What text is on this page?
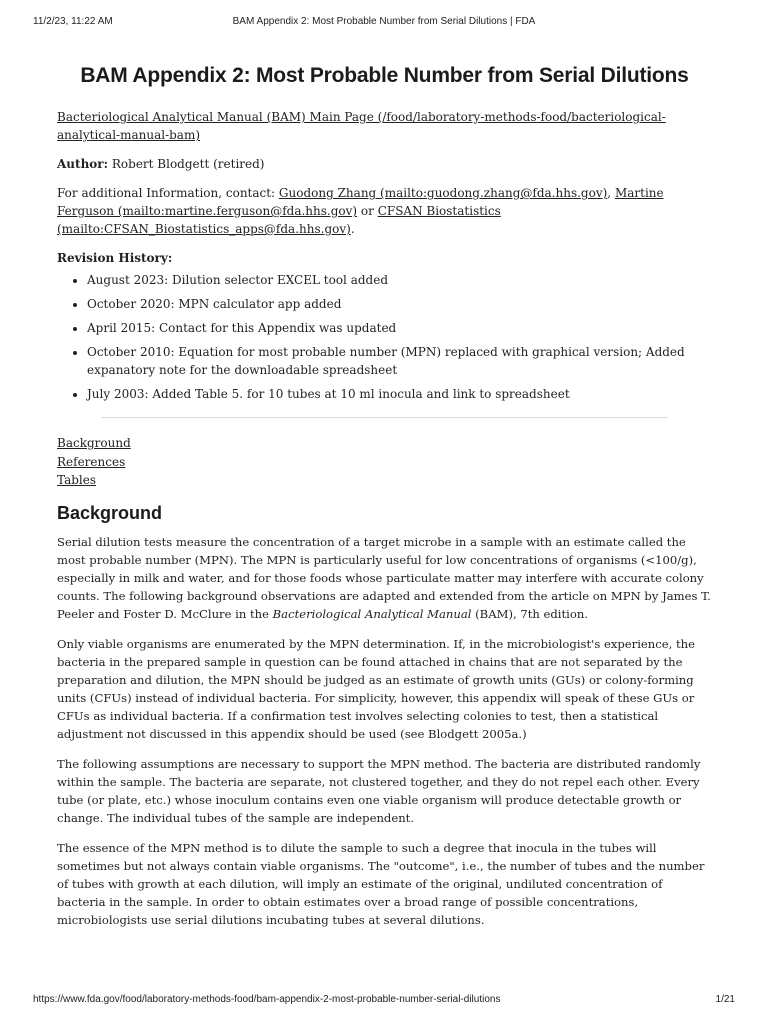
11/2/23, 11:22 AM	BAM Appendix 2: Most Probable Number from Serial Dilutions | FDA
BAM Appendix 2: Most Probable Number from Serial Dilutions

Bacteriological Analytical Manual (BAM) Main Page (/food/laboratory-methods-food/bacteriological-analytical-manual-bam)

Author: Robert Blodgett (retired)

For additional Information, contact: Guodong Zhang (mailto:guodong.zhang@fda.hhs.gov), Martine Ferguson (mailto:martine.ferguson@fda.hhs.gov) or CFSAN Biostatistics (mailto:CFSAN_Biostatistics_apps@fda.hhs.gov).

Revision History:

• August 2023: Dilution selector EXCEL tool added
• October 2020: MPN calculator app added
• April 2015: Contact for this Appendix was updated
• October 2010: Equation for most probable number (MPN) replaced with graphical version; Added expanatory note for the downloadable spreadsheet
• July 2003: Added Table 5. for 10 tubes at 10 ml inocula and link to spreadsheet
Background
References
Tables
Background

Serial dilution tests measure the concentration of a target microbe in a sample with an estimate called the most probable number (MPN). The MPN is particularly useful for low concentrations of organisms (<100/g), especially in milk and water, and for those foods whose particulate matter may interfere with accurate colony counts. The following background observations are adapted and extended from the article on MPN by James T. Peeler and Foster D. McClure in the Bacteriological Analytical Manual (BAM), 7th edition.

Only viable organisms are enumerated by the MPN determination. If, in the microbiologist's experience, the bacteria in the prepared sample in question can be found attached in chains that are not separated by the preparation and dilution, the MPN should be judged as an estimate of growth units (GUs) or colony-forming units (CFUs) instead of individual bacteria. For simplicity, however, this appendix will speak of these GUs or CFUs as individual bacteria. If a confirmation test involves selecting colonies to test, then a statistical adjustment not discussed in this appendix should be used (see Blodgett 2005a.)

The following assumptions are necessary to support the MPN method. The bacteria are distributed randomly within the sample. The bacteria are separate, not clustered together, and they do not repel each other. Every tube (or plate, etc.) whose inoculum contains even one viable organism will produce detectable growth or change. The individual tubes of the sample are independent.

The essence of the MPN method is to dilute the sample to such a degree that inocula in the tubes will sometimes but not always contain viable organisms. The "outcome", i.e., the number of tubes and the number of tubes with growth at each dilution, will imply an estimate of the original, undiluted concentration of bacteria in the sample. In order to obtain estimates over a broad range of possible concentrations, microbiologists use serial dilutions incubating tubes at several dilutions.

https://www.fda.gov/food/laboratory-methods-food/bam-appendix-2-most-probable-number-serial-dilutions	1/21
